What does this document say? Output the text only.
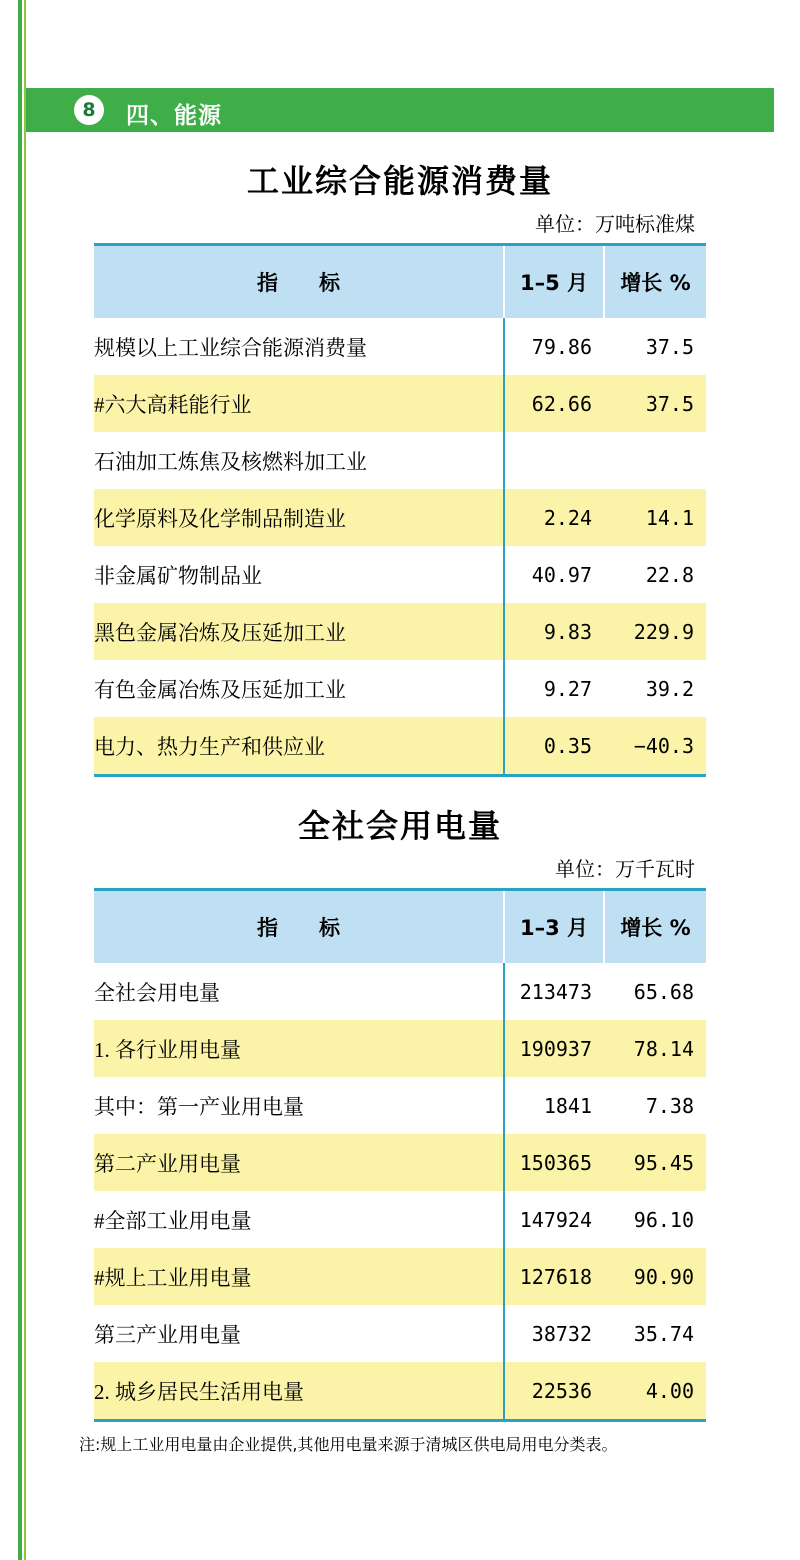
8	四、能源
工业综合能源消费量
单位：万吨标准煤
指　标	1–5 月	增长 %
规模以上工业综合能源消费量	79.86	37.5
#六大高耗能行业	62.66	37.5
石油加工炼焦及核燃料加工业		
化学原料及化学制品制造业	2.24	14.1
非金属矿物制品业	40.97	22.8
黑色金属冶炼及压延加工业	9.83	229.9
有色金属冶炼及压延加工业	9.27	39.2
电力、热力生产和供应业	0.35	−40.3
全社会用电量
单位：万千瓦时
指　标	1–3 月	增长 %
全社会用电量	213473	65.68
1. 各行业用电量	190937	78.14
其中：第一产业用电量	1841	7.38
第二产业用电量	150365	95.45
#全部工业用电量	147924	96.10
#规上工业用电量	127618	90.90
第三产业用电量	38732	35.74
2. 城乡居民生活用电量	22536	4.00
注:规上工业用电量由企业提供,其他用电量来源于清城区供电局用电分类表。
